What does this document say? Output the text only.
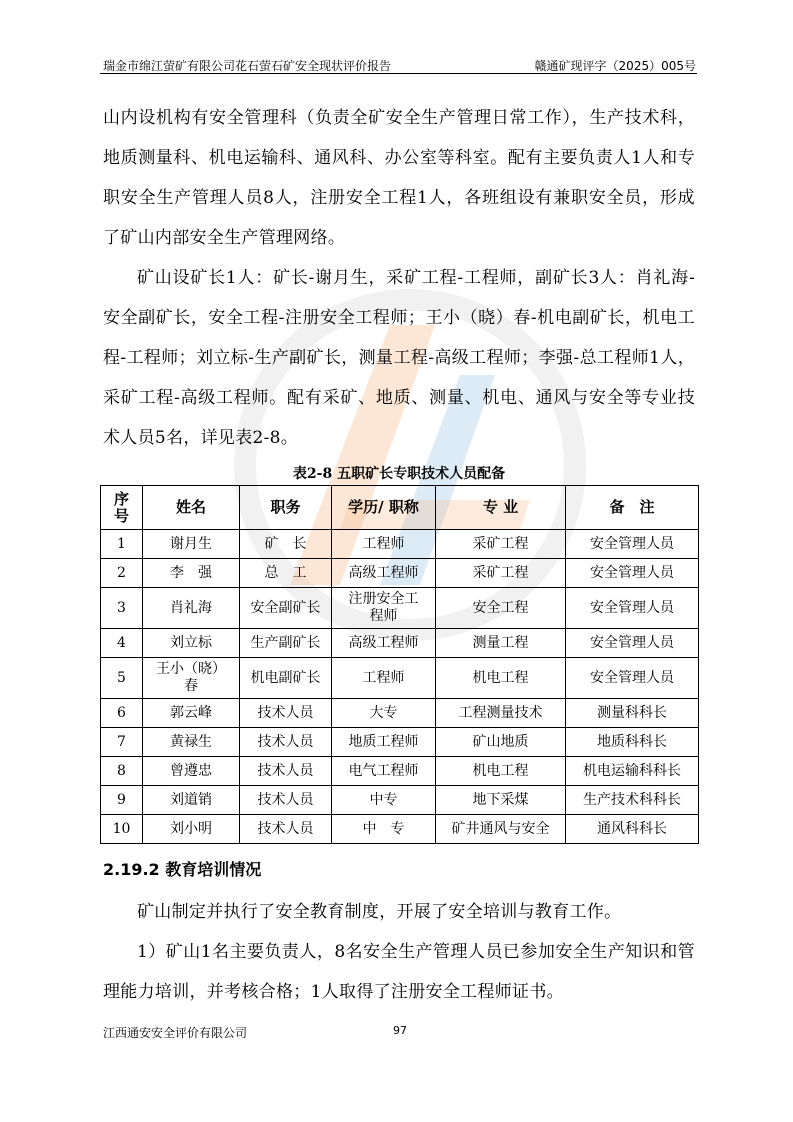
瑞金市绵江萤矿有限公司花石萤石矿安全现状评价报告	赣通矿现评字（2025）005号

山内设机构有安全管理科（负责全矿安全生产管理日常工作），生产技术科，地质测量科、机电运输科、通风科、办公室等科室。配有主要负责人1人和专职安全生产管理人员8人，注册安全工程1人，各班组设有兼职安全员，形成了矿山内部安全生产管理网络。

矿山设矿长1人：矿长-谢月生，采矿工程-工程师，副矿长3人：肖礼海-安全副矿长，安全工程-注册安全工程师；王小（晓）春-机电副矿长，机电工程-工程师；刘立标-生产副矿长，测量工程-高级工程师；李强-总工程师1人，采矿工程-高级工程师。配有采矿、地质、测量、机电、通风与安全等专业技术人员5名，详见表2-8。

表2-8 五职矿长专职技术人员配备
序号	姓名	职务	学历/ 职称	专 业	备　注
1	谢月生	矿　长	工程师	采矿工程	安全管理人员
2	李　强	总　工	高级工程师	采矿工程	安全管理人员
3	肖礼海	安全副矿长	注册安全工程师	安全工程	安全管理人员
4	刘立标	生产副矿长	高级工程师	测量工程	安全管理人员
5	王小（晓）春	机电副矿长	工程师	机电工程	安全管理人员
6	郭云峰	技术人员	大专	工程测量技术	测量科科长
7	黄禄生	技术人员	地质工程师	矿山地质	地质科科长
8	曾遵忠	技术人员	电气工程师	机电工程	机电运输科科长
9	刘道销	技术人员	中专	地下采煤	生产技术科科长
10	刘小明	技术人员	中　专	矿井通风与安全	通风科科长
2.19.2 教育培训情况

矿山制定并执行了安全教育制度，开展了安全培训与教育工作。

1）矿山1名主要负责人，8名安全生产管理人员已参加安全生产知识和管理能力培训，并考核合格；1人取得了注册安全工程师证书。

江西通安安全评价有限公司	97
